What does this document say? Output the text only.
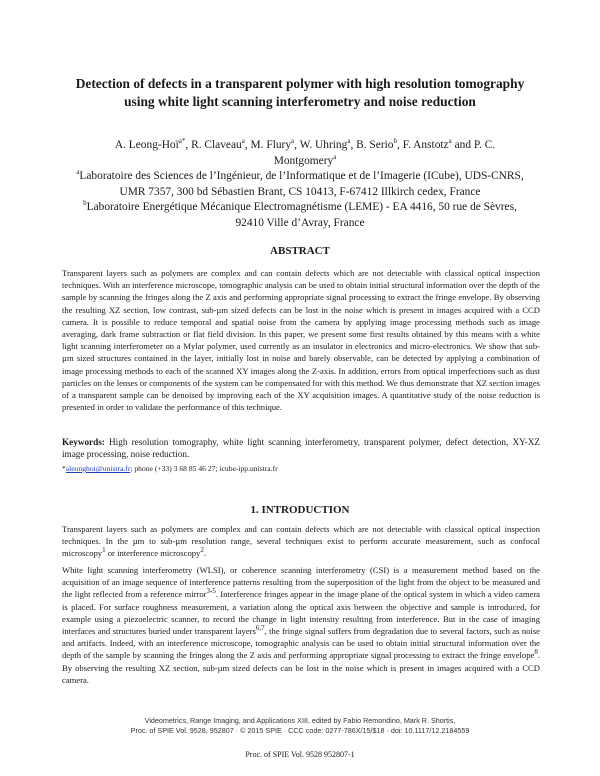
Detection of defects in a transparent polymer with high resolution tomography using white light scanning interferometry and noise reduction

A. Leong-Hoï$^{a*}$, R. Claveau$^a$, M. Flury$^a$, W. Uhring$^a$, B. Serio$^b$, F. Anstotz$^a$ and P. C. Montgomery$^a$

$^a$Laboratoire des Sciences de l’Ingénieur, de l’Informatique et de l’Imagerie (ICube), UDS-CNRS, UMR 7357, 300 bd Sébastien Brant, CS 10413, F-67412 Illkirch cedex, France

$^b$Laboratoire Energétique Mécanique Electromagnétisme (LEME) - EA 4416, 50 rue de Sèvres, 92410 Ville d’Avray, France

ABSTRACT

Transparent layers such as polymers are complex and can contain defects which are not detectable with classical optical inspection techniques. With an interference microscope, tomographic analysis can be used to obtain initial structural information over the depth of the sample by scanning the fringes along the Z axis and performing appropriate signal processing to extract the fringe envelope. By observing the resulting XZ section, low contrast, sub-µm sized defects can be lost in the noise which is present in images acquired with a CCD camera. It is possible to reduce temporal and spatial noise from the camera by applying image processing methods such as image averaging, dark frame subtraction or flat field division. In this paper, we present some first results obtained by this means with a white light scanning interferometer on a Mylar polymer, used currently as an insulator in electronics and micro-electronics. We show that sub-µm sized structures contained in the layer, initially lost in noise and barely observable, can be detected by applying a combination of image processing methods to each of the scanned XY images along the Z-axis. In addition, errors from optical imperfections such as dust particles on the lenses or components of the system can be compensated for with this method. We thus demonstrate that XZ section images of a transparent sample can be denoised by improving each of the XY acquisition images. A quantitative study of the noise reduction is presented in order to validate the performance of this technique.

Keywords: High resolution tomography, white light scanning interferometry, transparent polymer, defect detection, XY-XZ image processing, noise reduction.

*aleonghoi@unistra.fr; phone (+33) 3 68 85 46 27; icube-ipp.unistra.fr

1. INTRODUCTION

Transparent layers such as polymers are complex and can contain defects which are not detectable with classical optical inspection techniques. In the µm to sub-µm resolution range, several techniques exist to perform accurate measurement, such as confocal microscopy$^1$ or interference microscopy$^2$.

White light scanning interferometry (WLSI), or coherence scanning interferometry (CSI) is a measurement method based on the acquisition of an image sequence of interference patterns resulting from the superposition of the light from the object to be measured and the light reflected from a reference mirror$^{3-5}$. Interference fringes appear in the image plane of the optical system in which a video camera is placed. For surface roughness measurement, a variation along the optical axis between the objective and sample is introduced, for example using a piezoelectric scanner, to record the change in light intensity resulting from interference. But in the case of imaging interfaces and structures buried under transparent layers$^{6,7}$, the fringe signal suffers from degradation due to several factors, such as noise and artifacts. Indeed, with an interference microscope, tomographic analysis can be used to obtain initial structural information over the depth of the sample by scanning the fringes along the Z axis and performing appropriate signal processing to extract the fringe envelope$^8$. By observing the resulting XZ section, sub-µm sized defects can be lost in the noise which is present in images acquired with a CCD camera.

Videometrics, Range Imaging, and Applications XIII, edited by Fabio Remondino, Mark R. Shortis,
Proc. of SPIE Vol. 9528, 952807 · © 2015 SPIE · CCC code: 0277-786X/15/$18 · doi: 10.1117/12.2184559

Proc. of SPIE Vol. 9528 952807-1
